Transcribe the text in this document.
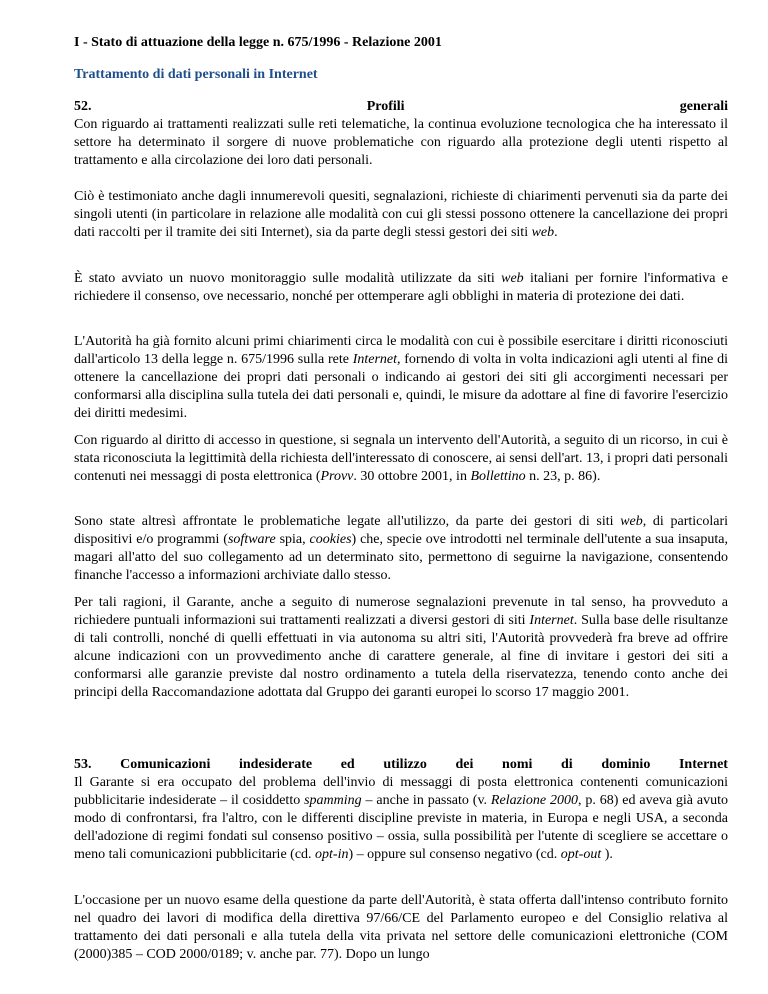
I - Stato di attuazione della legge n. 675/1996 - Relazione 2001
Trattamento di dati personali in Internet
52.	Profili	generali

Con riguardo ai trattamenti realizzati sulle reti telematiche, la continua evoluzione tecnologica che ha interessato il settore ha determinato il sorgere di nuove problematiche con riguardo alla protezione degli utenti rispetto al trattamento e alla circolazione dei loro dati personali.

Ciò è testimoniato anche dagli innumerevoli quesiti, segnalazioni, richieste di chiarimenti pervenuti sia da parte dei singoli utenti (in particolare in relazione alle modalità con cui gli stessi possono ottenere la cancellazione dei propri dati raccolti per il tramite dei siti Internet), sia da parte degli stessi gestori dei siti web.

È stato avviato un nuovo monitoraggio sulle modalità utilizzate da siti web italiani per fornire l'informativa e richiedere il consenso, ove necessario, nonché per ottemperare agli obblighi in materia di protezione dei dati.

L'Autorità ha già fornito alcuni primi chiarimenti circa le modalità con cui è possibile esercitare i diritti riconosciuti dall'articolo 13 della legge n. 675/1996 sulla rete Internet, fornendo di volta in volta indicazioni agli utenti al fine di ottenere la cancellazione dei propri dati personali o indicando ai gestori dei siti gli accorgimenti necessari per conformarsi alla disciplina sulla tutela dei dati personali e, quindi, le misure da adottare al fine di favorire l'esercizio dei diritti medesimi.

Con riguardo al diritto di accesso in questione, si segnala un intervento dell'Autorità, a seguito di un ricorso, in cui è stata riconosciuta la legittimità della richiesta dell'interessato di conoscere, ai sensi dell'art. 13, i propri dati personali contenuti nei messaggi di posta elettronica (Provv. 30 ottobre 2001, in Bollettino n. 23, p. 86).

Sono state altresì affrontate le problematiche legate all'utilizzo, da parte dei gestori di siti web, di particolari dispositivi e/o programmi (software spia, cookies) che, specie ove introdotti nel terminale dell'utente a sua insaputa, magari all'atto del suo collegamento ad un determinato sito, permettono di seguirne la navigazione, consentendo finanche l'accesso a informazioni archiviate dallo stesso.

Per tali ragioni, il Garante, anche a seguito di numerose segnalazioni prevenute in tal senso, ha provveduto a richiedere puntuali informazioni sui trattamenti realizzati a diversi gestori di siti Internet. Sulla base delle risultanze di tali controlli, nonché di quelli effettuati in via autonoma su altri siti, l'Autorità provvederà fra breve ad offrire alcune indicazioni con un provvedimento anche di carattere generale, al fine di invitare i gestori dei siti a conformarsi alle garanzie previste dal nostro ordinamento a tutela della riservatezza, tenendo conto anche dei principi della Raccomandazione adottata dal Gruppo dei garanti europei lo scorso 17 maggio 2001.

53. Comunicazioni indesiderate ed utilizzo dei nomi di dominio Internet

Il Garante si era occupato del problema dell'invio di messaggi di posta elettronica contenenti comunicazioni pubblicitarie indesiderate – il cosiddetto spamming – anche in passato (v. Relazione 2000, p. 68) ed aveva già avuto modo di confrontarsi, fra l'altro, con le differenti discipline previste in materia, in Europa e negli USA, a seconda dell'adozione di regimi fondati sul consenso positivo – ossia, sulla possibilità per l'utente di scegliere se accettare o meno tali comunicazioni pubblicitarie (cd. opt-in) – oppure sul consenso negativo (cd. opt-out ).

L'occasione per un nuovo esame della questione da parte dell'Autorità, è stata offerta dall'intenso contributo fornito nel quadro dei lavori di modifica della direttiva 97/66/CE del Parlamento europeo e del Consiglio relativa al trattamento dei dati personali e alla tutela della vita privata nel settore delle comunicazioni elettroniche (COM (2000)385 – COD 2000/0189; v. anche par. 77). Dopo un lungo
